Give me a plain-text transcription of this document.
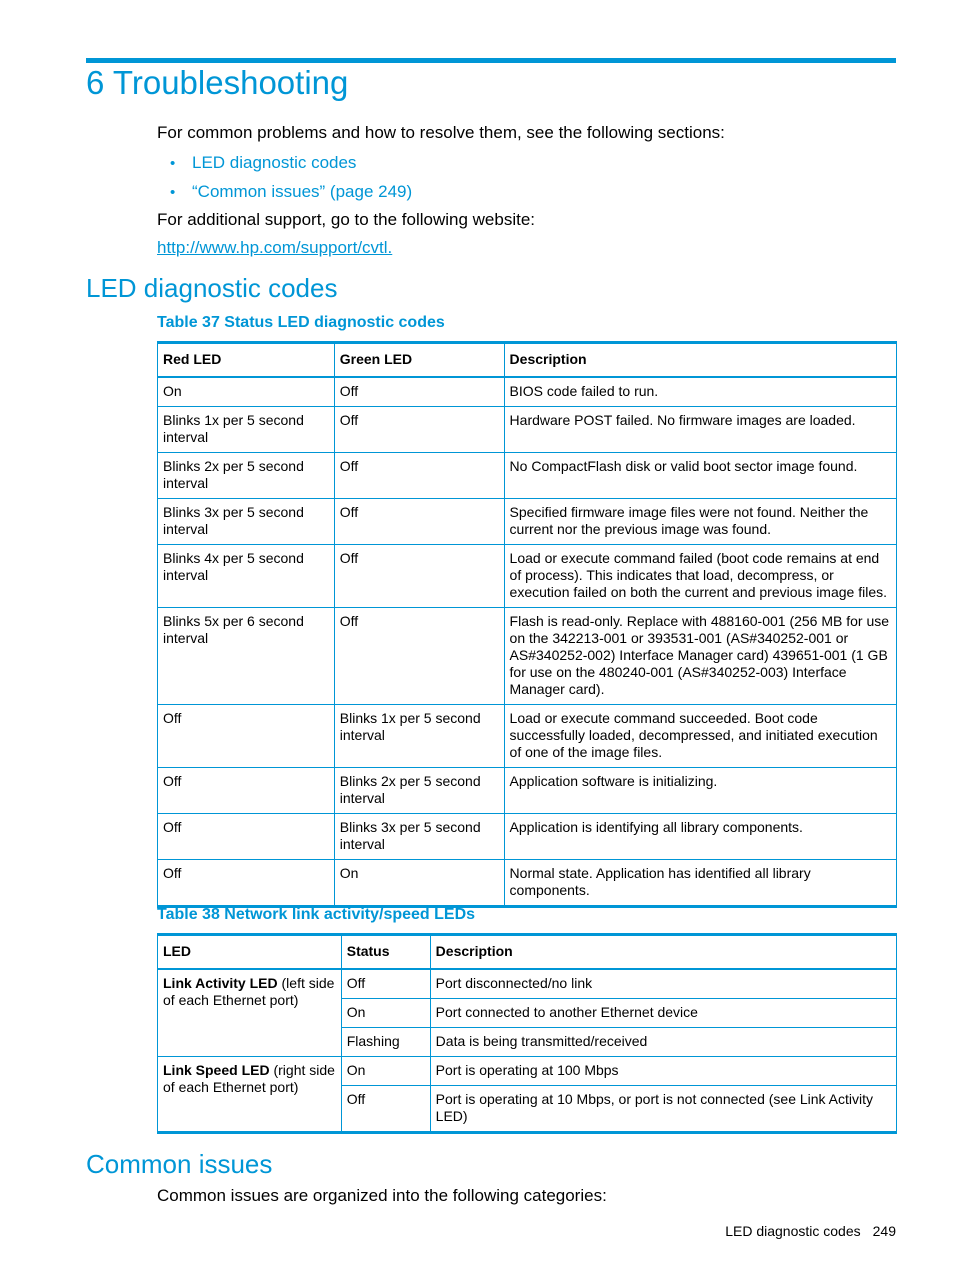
6 Troubleshooting
For common problems and how to resolve them, see the following sections:
• LED diagnostic codes
• “Common issues” (page 249)
For additional support, go to the following website:
http://www.hp.com/support/cvtl.
LED diagnostic codes
Table 37 Status LED diagnostic codes
Red LED	Green LED	Description
On	Off	BIOS code failed to run.
Blinks 1x per 5 second interval	Off	Hardware POST failed. No firmware images are loaded.
Blinks 2x per 5 second interval	Off	No CompactFlash disk or valid boot sector image found.
Blinks 3x per 5 second interval	Off	Specified firmware image files were not found. Neither the current nor the previous image was found.
Blinks 4x per 5 second interval	Off	Load or execute command failed (boot code remains at end of process). This indicates that load, decompress, or execution failed on both the current and previous image files.
Blinks 5x per 6 second interval	Off	Flash is read-only. Replace with 488160-001 (256 MB for use on the 342213-001 or 393531-001 (AS#340252-001 or AS#340252-002) Interface Manager card) 439651-001 (1 GB for use on the 480240-001 (AS#340252-003) Interface Manager card).
Off	Blinks 1x per 5 second interval	Load or execute command succeeded. Boot code successfully loaded, decompressed, and initiated execution of one of the image files.
Off	Blinks 2x per 5 second interval	Application software is initializing.
Off	Blinks 3x per 5 second interval	Application is identifying all library components.
Off	On	Normal state. Application has identified all library components.
Table 38 Network link activity/speed LEDs
LED	Status	Description
Link Activity LED (left side of each Ethernet port)	Off	Port disconnected/no link
	On	Port connected to another Ethernet device
	Flashing	Data is being transmitted/received
Link Speed LED (right side of each Ethernet port)	On	Port is operating at 100 Mbps
	Off	Port is operating at 10 Mbps, or port is not connected (see Link Activity LED)
Common issues
Common issues are organized into the following categories:
LED diagnostic codes 249
